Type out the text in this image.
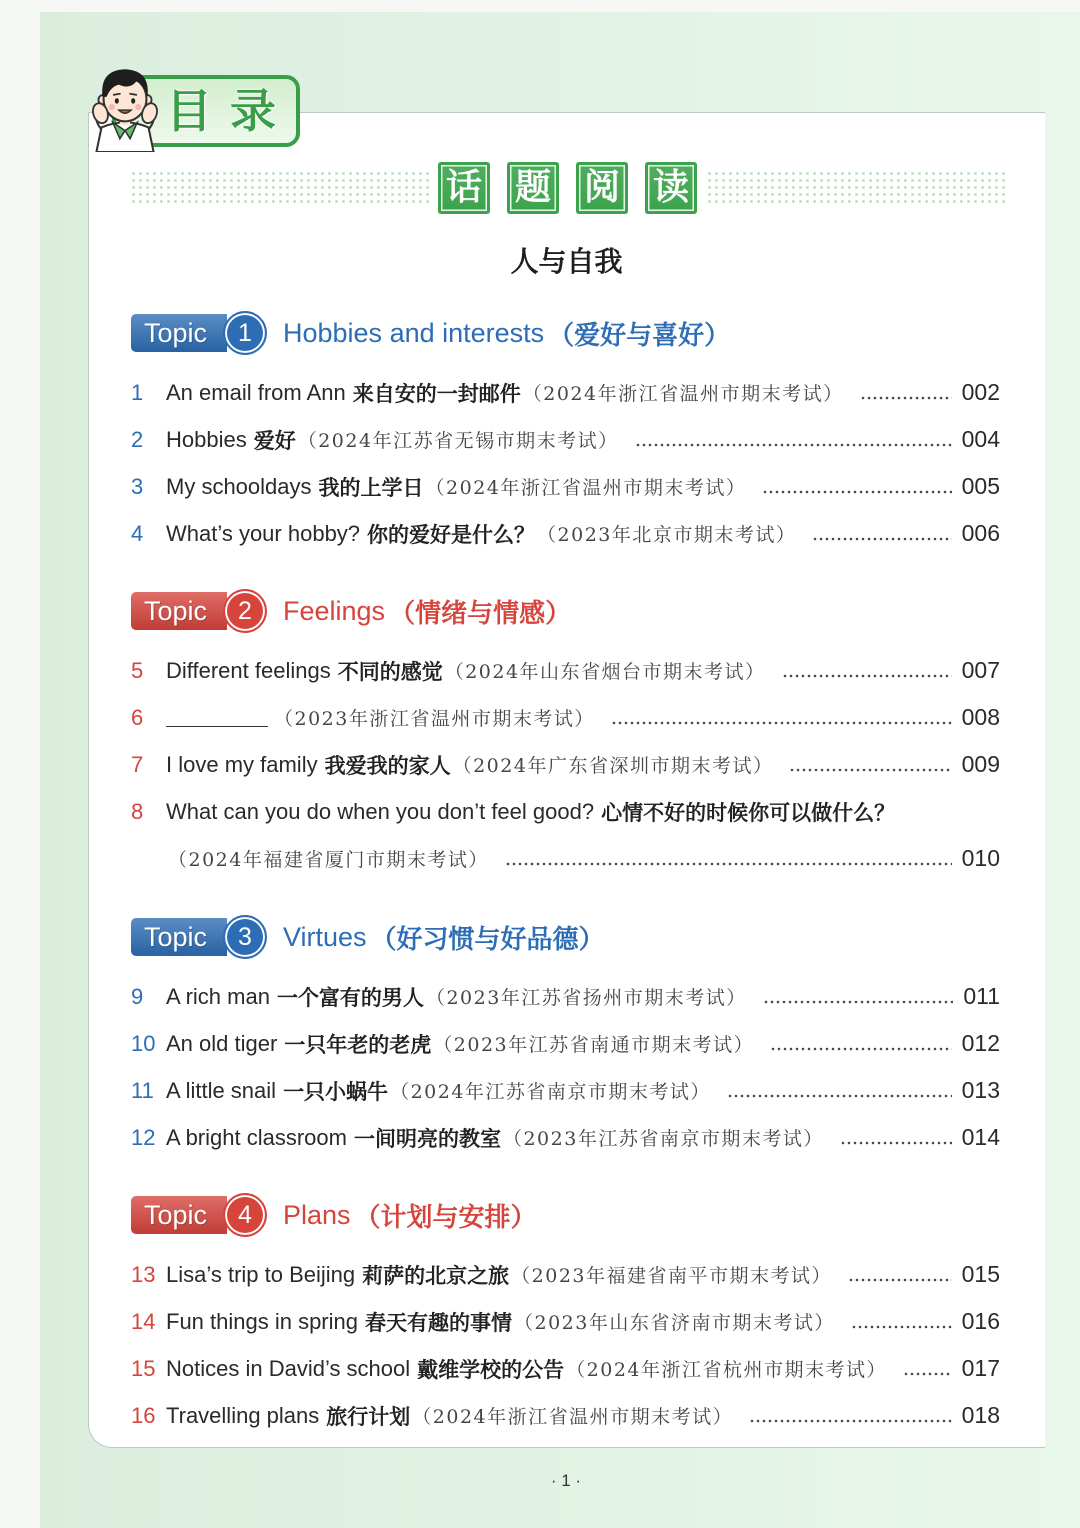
目录
话 题 阅 读
人与自我
Topic	1	Hobbies and interests （爱好与喜好）
1	An email from Ann 来自安的一封邮件 （2024年浙江省温州市期末考试）	002
2	Hobbies 爱好 （2024年江苏省无锡市期末考试）	004
3	My schooldays 我的上学日 （2024年浙江省温州市期末考试）	005
4	What’s your hobby? 你的爱好是什么？ （2023年北京市期末考试）	006
Topic	2	Feelings （情绪与情感）
5	Different feelings 不同的感觉 （2024年山东省烟台市期末考试）	007
6	（2023年浙江省温州市期末考试）	008
7	I love my family 我爱我的家人 （2024年广东省深圳市期末考试）	009
8	What can you do when you don’t feel good? 心情不好的时候你可以做什么？
（2024年福建省厦门市期末考试）	010
Topic	3	Virtues （好习惯与好品德）
9	A rich man 一个富有的男人 （2023年江苏省扬州市期末考试）	011
10 An old tiger 一只年老的老虎 （2023年江苏省南通市期末考试）	012
11 A little snail 一只小蜗牛 （2024年江苏省南京市期末考试）	013
12 A bright classroom 一间明亮的教室 （2023年江苏省南京市期末考试）	014
Topic	4	Plans （计划与安排）
13 Lisa’s trip to Beijing 莉萨的北京之旅 （2023年福建省南平市期末考试）	015
14 Fun things in spring 春天有趣的事情 （2023年山东省济南市期末考试）	016
15 Notices in David’s school 戴维学校的公告 （2024年浙江省杭州市期末考试）	017
16 Travelling plans 旅行计划 （2024年浙江省温州市期末考试）	018
· 1 ·
